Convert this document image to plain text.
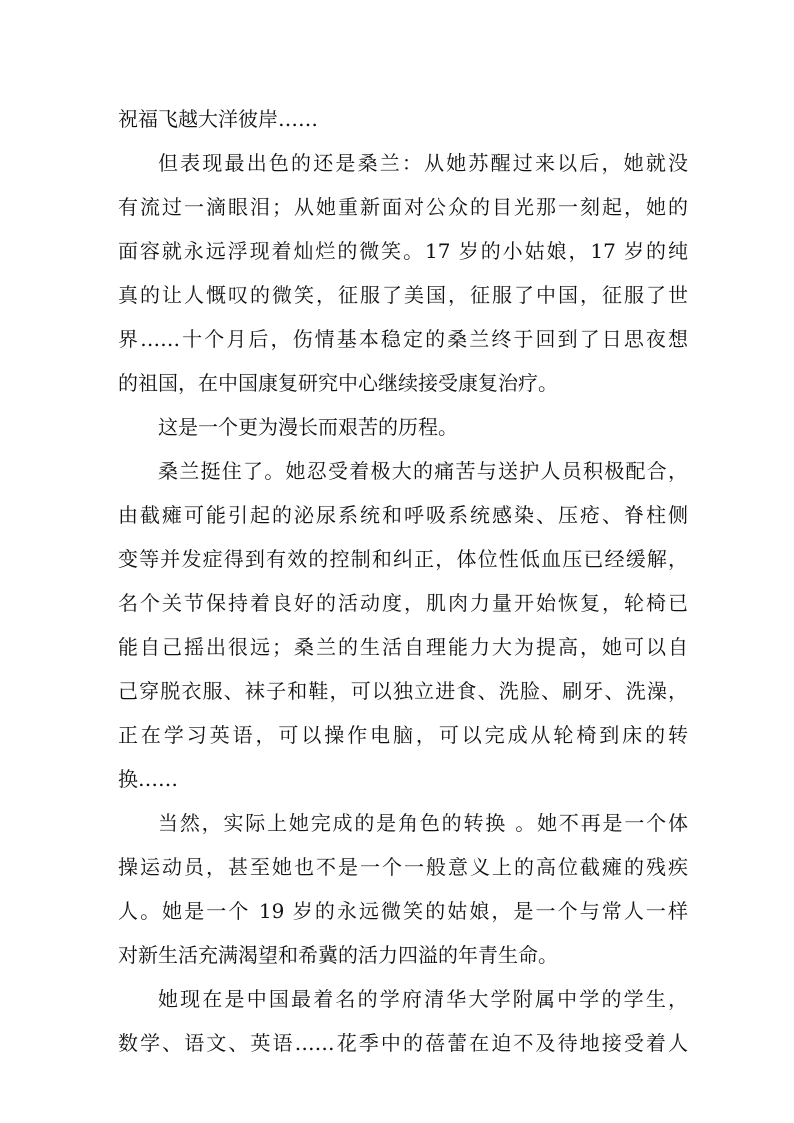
祝福飞越大洋彼岸……
但表现最出色的还是桑兰：从她苏醒过来以后，她就没
有流过一滴眼泪；从她重新面对公众的目光那一刻起，她的
面容就永远浮现着灿烂的微笑。17 岁的小姑娘，17 岁的纯
真的让人慨叹的微笑，征服了美国，征服了中国，征服了世
界……十个月后，伤情基本稳定的桑兰终于回到了日思夜想
的祖国，在中国康复研究中心继续接受康复治疗。
这是一个更为漫长而艰苦的历程。
桑兰挺住了。她忍受着极大的痛苦与送护人员积极配合，
由截瘫可能引起的泌尿系统和呼吸系统感染、压疮、脊柱侧
变等并发症得到有效的控制和纠正，体位性低血压已经缓解，
名个关节保持着良好的活动度，肌肉力量开始恢复，轮椅已
能自己摇出很远；桑兰的生活自理能力大为提高，她可以自
己穿脱衣服、袜子和鞋，可以独立进食、洗脸、刷牙、洗澡，
正在学习英语，可以操作电脑，可以完成从轮椅到床的转
换……
当然，实际上她完成的是角色的转换 。她不再是一个体
操运动员，甚至她也不是一个一般意义上的高位截瘫的残疾
人。她是一个 19 岁的永远微笑的姑娘，是一个与常人一样
对新生活充满渴望和希冀的活力四溢的年青生命。
她现在是中国最着名的学府清华大学附属中学的学生，
数学、语文、英语……花季中的蓓蕾在迫不及待地接受着人
